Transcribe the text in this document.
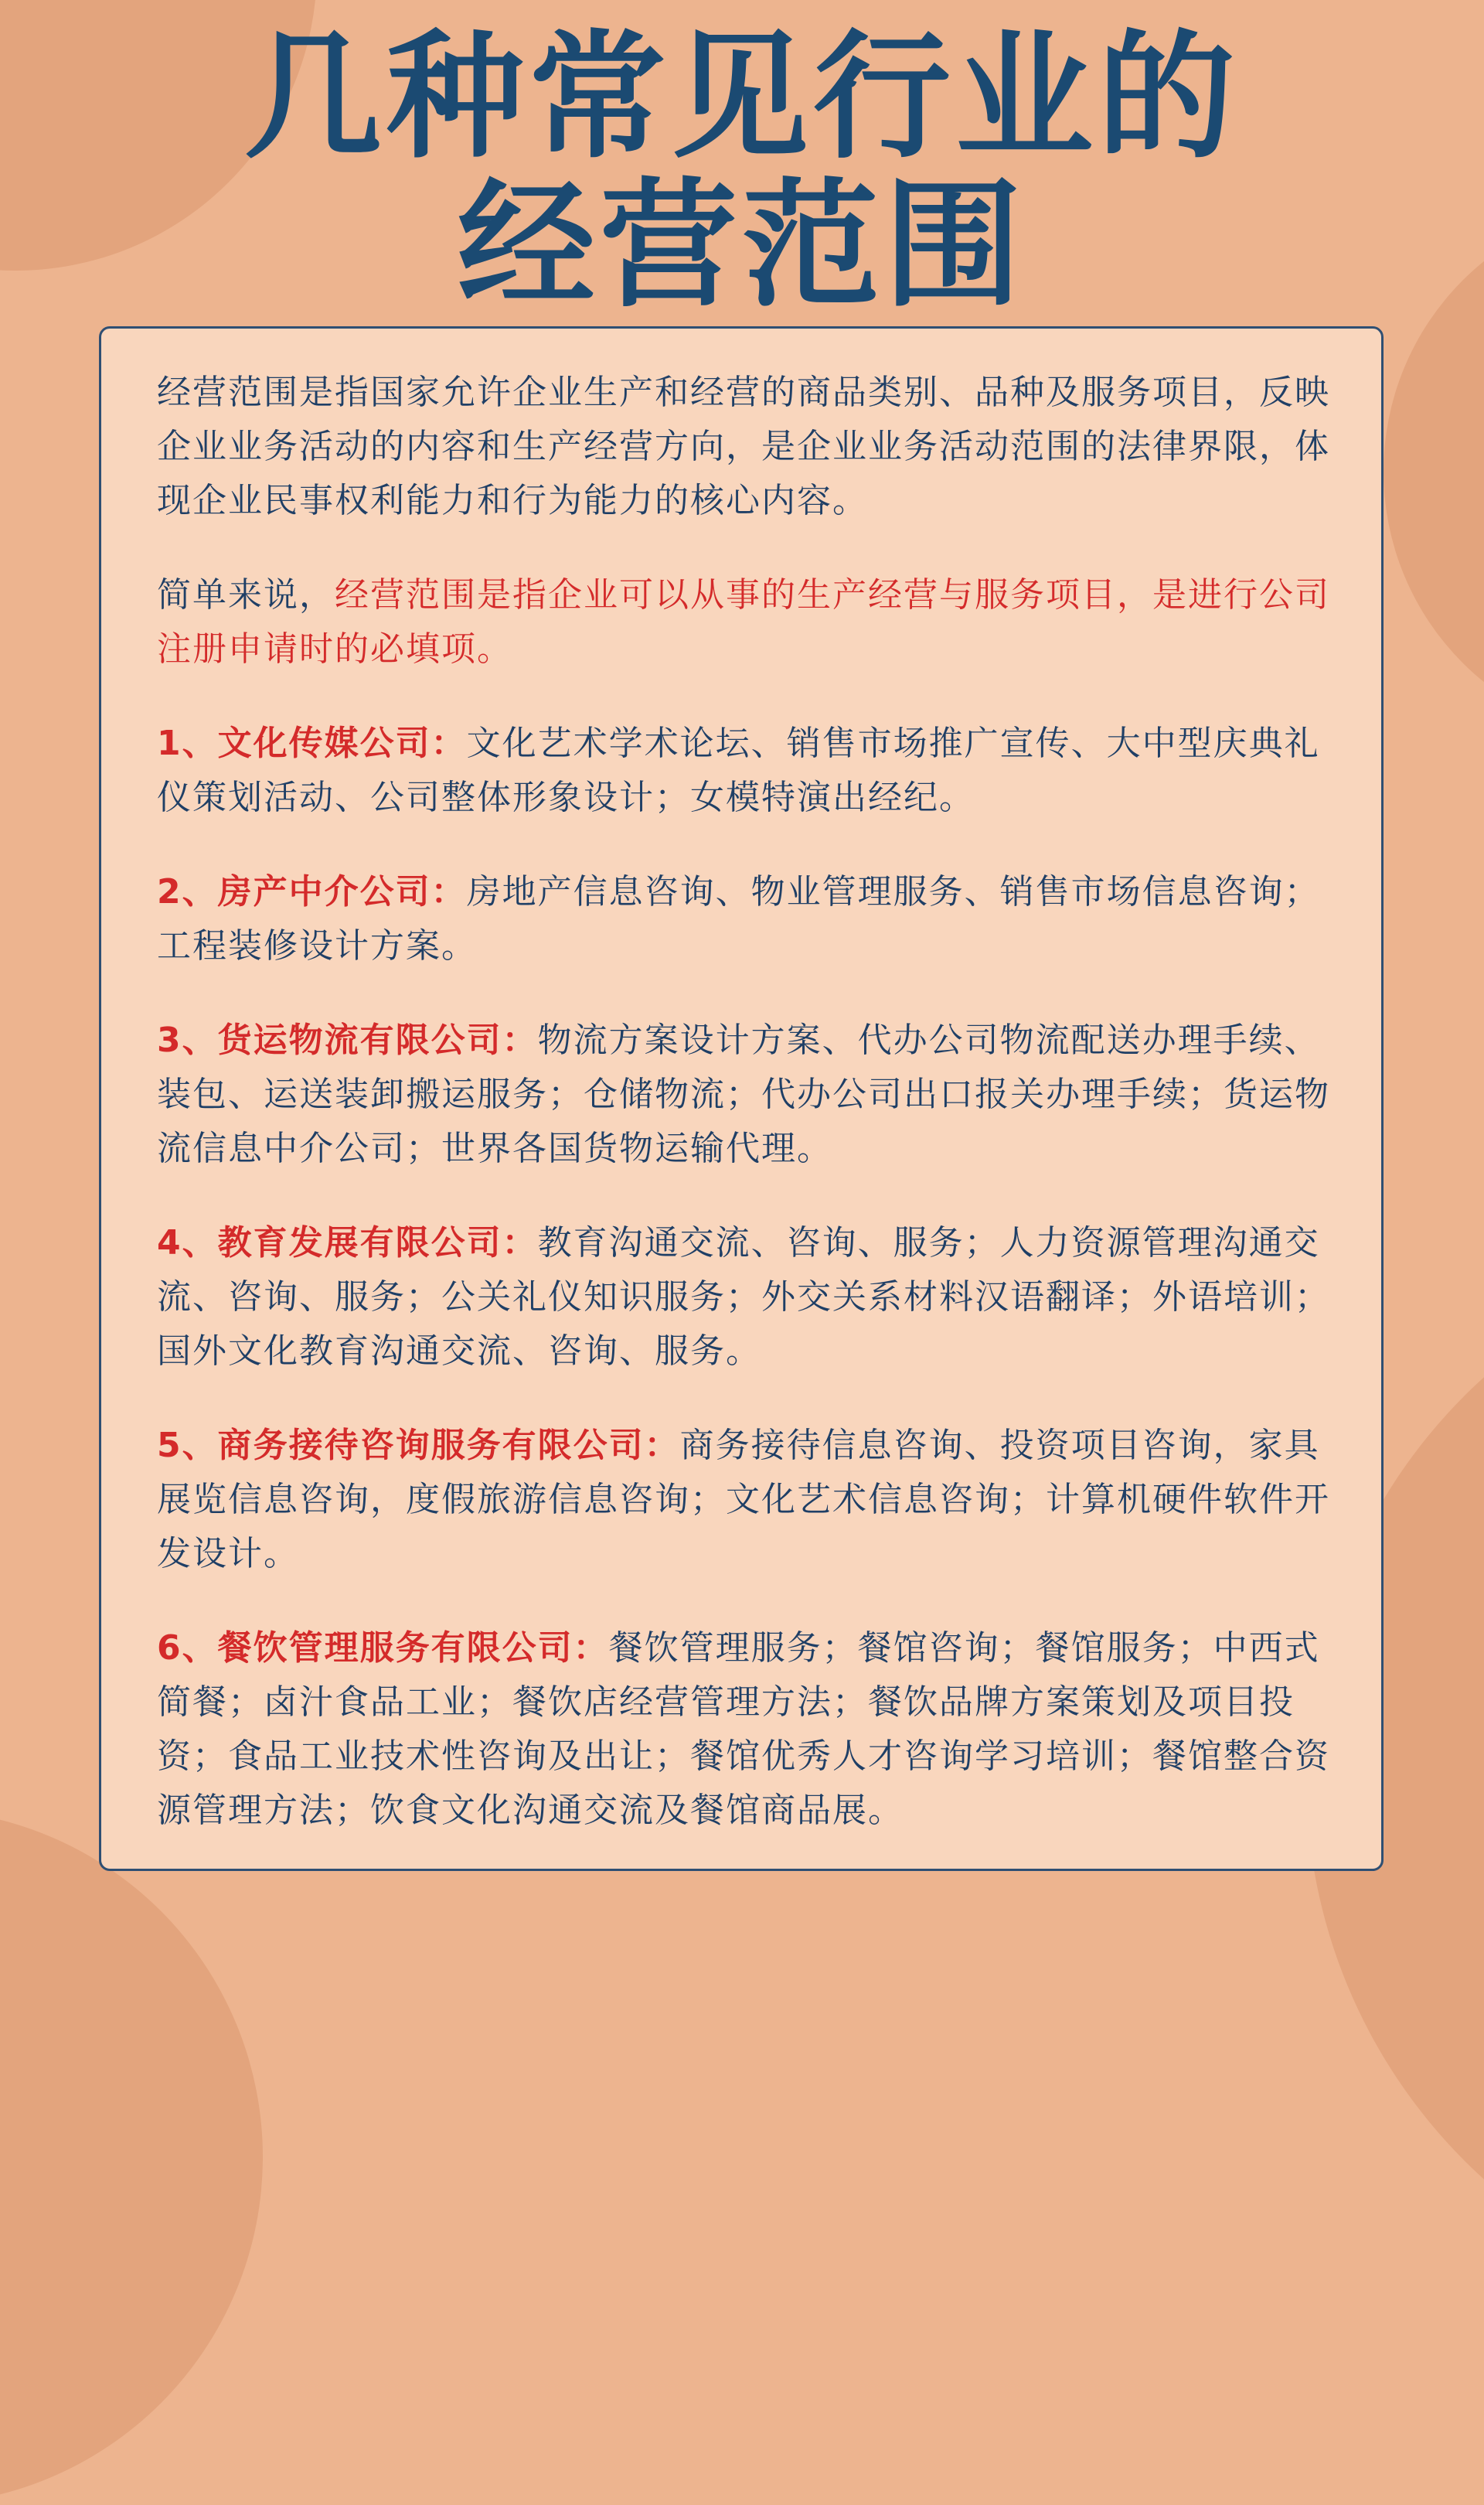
几种常见行业的
经营范围

经营范围是指国家允许企业生产和经营的商品类别、品种及服务项目，反映企业业务活动的内容和生产经营方向，是企业业务活动范围的法律界限，体现企业民事权利能力和行为能力的核心内容。

简单来说，经营范围是指企业可以从事的生产经营与服务项目，是进行公司注册申请时的必填项。

1、文化传媒公司：文化艺术学术论坛、销售市场推广宣传、大中型庆典礼仪策划活动、公司整体形象设计；女模特演出经纪。
2、房产中介公司：房地产信息咨询、物业管理服务、销售市场信息咨询；工程装修设计方案。
3、货运物流有限公司：物流方案设计方案、代办公司物流配送办理手续、装包、运送装卸搬运服务；仓储物流；代办公司出口报关办理手续；货运物流信息中介公司；世界各国货物运输代理。
4、教育发展有限公司：教育沟通交流、咨询、服务；人力资源管理沟通交流、咨询、服务；公关礼仪知识服务；外交关系材料汉语翻译；外语培训；国外文化教育沟通交流、咨询、服务。
5、商务接待咨询服务有限公司：商务接待信息咨询、投资项目咨询，家具展览信息咨询，度假旅游信息咨询；文化艺术信息咨询；计算机硬件软件开发设计。
6、餐饮管理服务有限公司：餐饮管理服务；餐馆咨询；餐馆服务；中西式简餐；卤汁食品工业；餐饮店经营管理方法；餐饮品牌方案策划及项目投资；食品工业技术性咨询及出让；餐馆优秀人才咨询学习培训；餐馆整合资源管理方法；饮食文化沟通交流及餐馆商品展。
